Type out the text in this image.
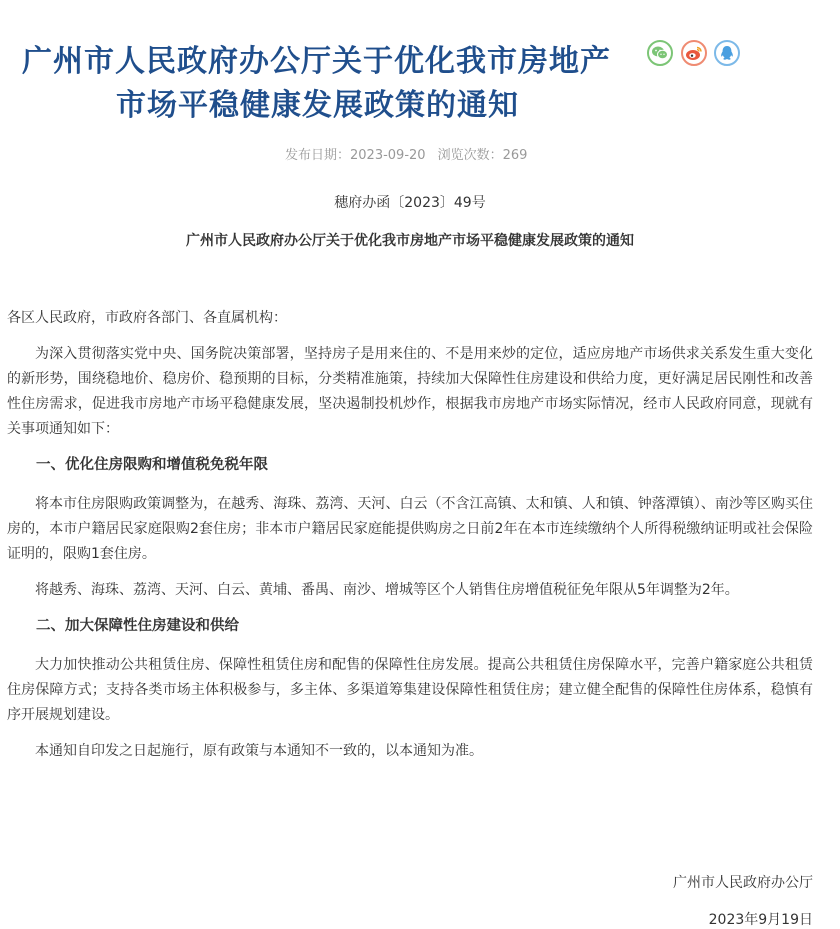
广州市人民政府办公厅关于优化我市房地产
市场平稳健康发展政策的通知
发布日期：2023-09-20 浏览次数：269
穗府办函〔2023〕49号
广州市人民政府办公厅关于优化我市房地产市场平稳健康发展政策的通知

各区人民政府，市政府各部门、各直属机构：

为深入贯彻落实党中央、国务院决策部署，坚持房子是用来住的、不是用来炒的定位，适应房地产市场供求关系发生重大变化的新形势，围绕稳地价、稳房价、稳预期的目标，分类精准施策，持续加大保障性住房建设和供给力度，更好满足居民刚性和改善性住房需求，促进我市房地产市场平稳健康发展，坚决遏制投机炒作，根据我市房地产市场实际情况，经市人民政府同意，现就有关事项通知如下：

一、优化住房限购和增值税免税年限

将本市住房限购政策调整为，在越秀、海珠、荔湾、天河、白云（不含江高镇、太和镇、人和镇、钟落潭镇）、南沙等区购买住房的，本市户籍居民家庭限购2套住房；非本市户籍居民家庭能提供购房之日前2年在本市连续缴纳个人所得税缴纳证明或社会保险证明的，限购1套住房。

将越秀、海珠、荔湾、天河、白云、黄埔、番禺、南沙、增城等区个人销售住房增值税征免年限从5年调整为2年。

二、加大保障性住房建设和供给

大力加快推动公共租赁住房、保障性租赁住房和配售的保障性住房发展。提高公共租赁住房保障水平，完善户籍家庭公共租赁住房保障方式；支持各类市场主体积极参与，多主体、多渠道筹集建设保障性租赁住房；建立健全配售的保障性住房体系，稳慎有序开展规划建设。

本通知自印发之日起施行，原有政策与本通知不一致的，以本通知为准。

广州市人民政府办公厅
2023年9月19日
